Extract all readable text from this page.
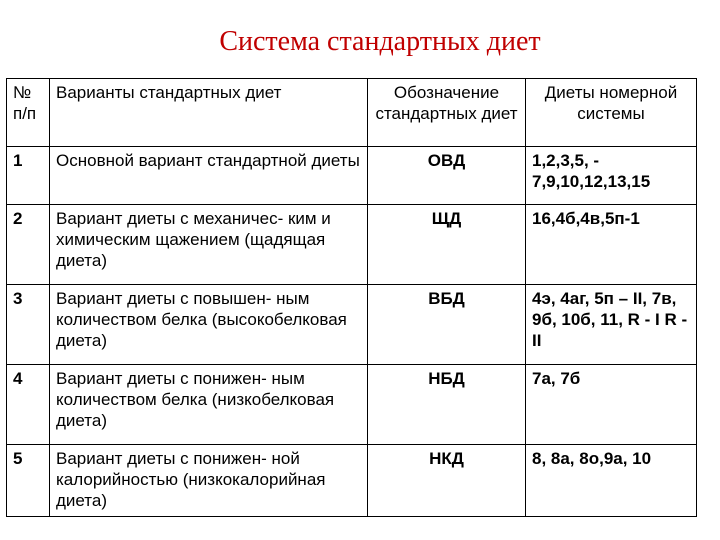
Система стандартных диет
№ п/п	Варианты стандартных диет	Обозначение стандартных диет	Диеты номерной системы
1	Основной вариант стандартной диеты	ОВД	1,2,3,5, - 7,9,10,12,13,15
2	Вариант диеты с механичес- ким и химическим щажением (щадящая диета)	ЩД	16,4б,4в,5п-1
3	Вариант диеты с повышен- ным количеством белка (высокобелковая диета)	ВБД	4э, 4аг, 5п – II, 7в, 9б, 10б, 11, R - I R - II
4	Вариант диеты с понижен- ным количеством белка (низкобелковая диета)	НБД	7а, 7б
5	Вариант диеты с понижен- ной калорийностью (низкокалорийная диета)	НКД	8, 8а, 8о,9а, 10
